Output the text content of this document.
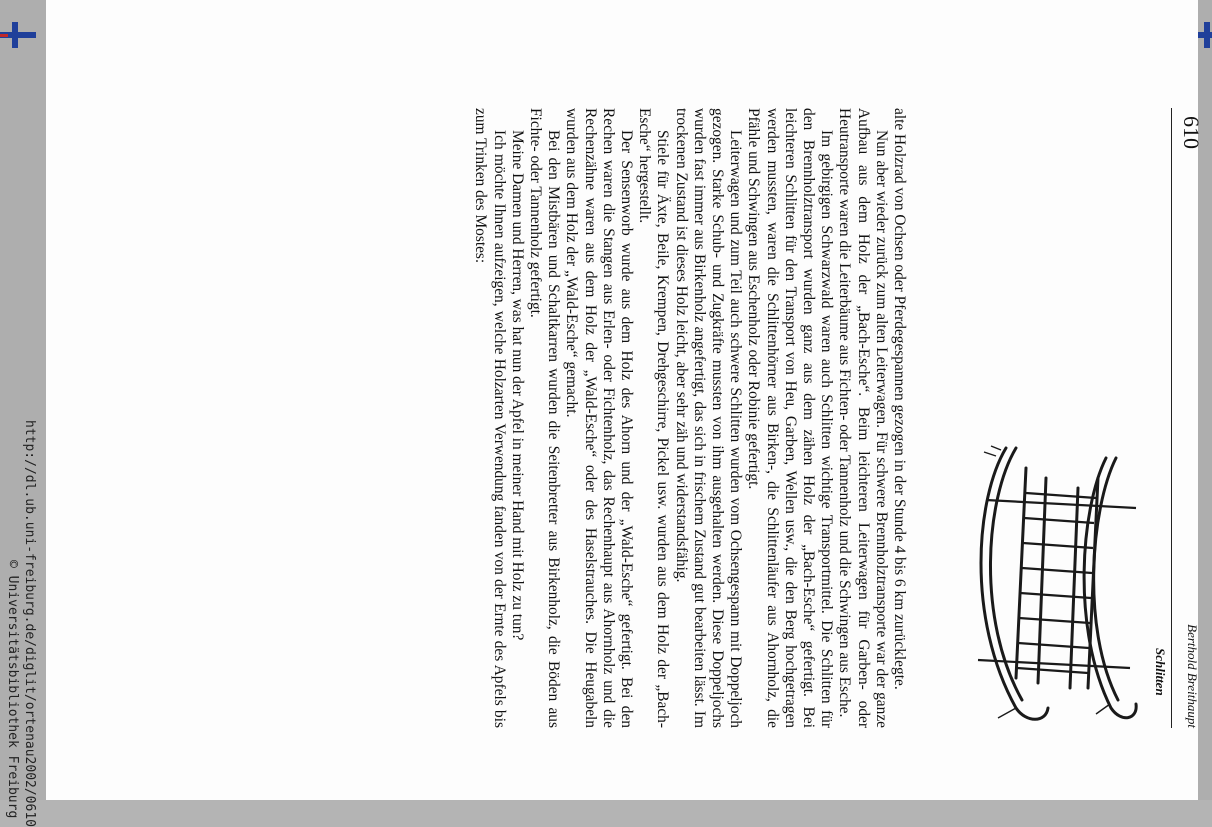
http://dl.ub.uni-freiburg.de/diglit/ortenau2002/0610
© Universitätsbibliothek Freiburg
610
Berthold Breithaupt
Schlitten

alte Holzrad von Ochsen oder Pferdegespannen gezogen in der Stunde 4 bis 6 km zurücklegte.

Nun aber wieder zurück zum alten Leiterwagen. Für schwere Brennholztransporte war der ganze Aufbau aus dem Holz der „Bach-Esche“. Beim leichteren Leiterwagen für Garben- oder Heutransporte waren die Leiterbäume aus Fichten- oder Tannenholz und die Schwingen aus Esche.

Im gebirgigen Schwarzwald waren auch Schlitten wichtige Transportmittel. Die Schlitten für den Brennholztransport wurden ganz aus dem zähen Holz der „Bach-Esche“ gefertigt. Bei leichteren Schlitten für den Transport von Heu, Garben, Wellen usw., die den Berg hochgetragen werden mussten, waren die Schlittenhörner aus Birken-, die Schlittenläufer aus Ahornholz, die Pfähle und Schwingen aus Eschenholz oder Robinie gefertigt.

Leiterwagen und zum Teil auch schwere Schlitten wurden vom Ochsengespann mit Doppeljoch gezogen. Starke Schub- und Zugkräfte mussten von ihm ausgehalten werden. Diese Doppeljochs wurden fast immer aus Birkenholz angefertigt, das sich in frischem Zustand gut bearbeiten lässt. Im trockenen Zustand ist dieses Holz leicht, aber sehr zäh und widerstandsfähig.

Stiele für Äxte, Beile, Krempen, Drehgeschirre, Pickel usw. wurden aus dem Holz der „Bach-Esche“ hergestellt.

Der Sensenworb wurde aus dem Holz des Ahorn und der „Wald-Esche“ gefertigt. Bei den Rechen waren die Stangen aus Erlen- oder Fichtenholz, das Rechenhaupt aus Ahornholz und die Rechenzähne waren aus dem Holz der „Wald-Esche“ oder des Haselstrauches. Die Heugabeln wurden aus dem Holz der „Wald-Esche“ gemacht.

Bei den Mistbären und Schaltkarren wurden die Seitenbretter aus Birkenholz, die Böden aus Fichte- oder Tannenholz gefertigt.

Meine Damen und Herren, was hat nun der Apfel in meiner Hand mit Holz zu tun?

Ich möchte Ihnen aufzeigen, welche Holzarten Verwendung fanden von der Ernte des Apfels bis zum Trinken des Mostes:
